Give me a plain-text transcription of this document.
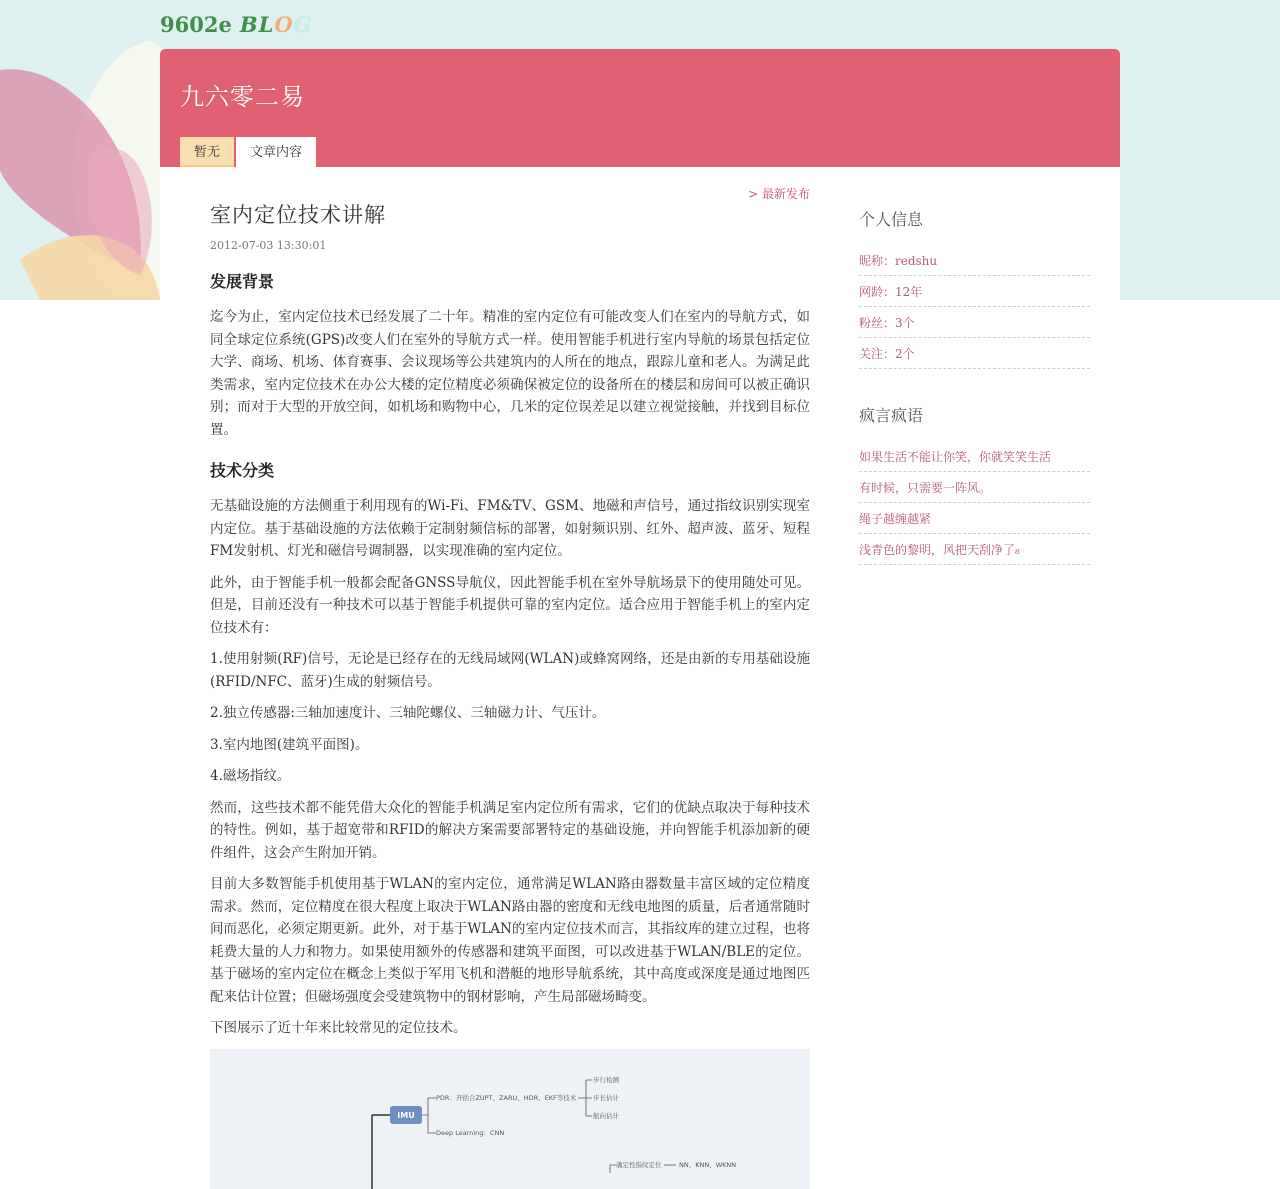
9602e BLOG
九六零二易
暂无	文章内容
> 最新发布
室内定位技术讲解
2012-07-03 13:30:01
发展背景

迄今为止，室内定位技术已经发展了二十年。精准的室内定位有可能改变人们在室内的导航方式，如同全球定位系统(GPS)改变人们在室外的导航方式一样。使用智能手机进行室内导航的场景包括定位大学、商场、机场、体育赛事、会议现场等公共建筑内的人所在的地点，跟踪儿童和老人。为满足此类需求，室内定位技术在办公大楼的定位精度必须确保被定位的设备所在的楼层和房间可以被正确识别；而对于大型的开放空间，如机场和购物中心，几米的定位误差足以建立视觉接触，并找到目标位置。

技术分类

无基础设施的方法侧重于利用现有的Wi-Fi、FM&TV、GSM、地磁和声信号，通过指纹识别实现室内定位。基于基础设施的方法依赖于定制射频信标的部署，如射频识别、红外、超声波、蓝牙、短程FM发射机、灯光和磁信号调制器，以实现准确的室内定位。

此外，由于智能手机一般都会配备GNSS导航仪，因此智能手机在室外导航场景下的使用随处可见。但是，目前还没有一种技术可以基于智能手机提供可靠的室内定位。适合应用于智能手机上的室内定位技术有：

1.使用射频(RF)信号，无论是已经存在的无线局域网(WLAN)或蜂窝网络，还是由新的专用基础设施(RFID/NFC、蓝牙)生成的射频信号。

2.独立传感器:三轴加速度计、三轴陀螺仪、三轴磁力计、气压计。

3.室内地图(建筑平面图)。

4.磁场指纹。

然而，这些技术都不能凭借大众化的智能手机满足室内定位所有需求，它们的优缺点取决于每种技术的特性。例如，基于超宽带和RFID的解决方案需要部署特定的基础设施，并向智能手机添加新的硬件组件，这会产生附加开销。

目前大多数智能手机使用基于WLAN的室内定位，通常满足WLAN路由器数量丰富区域的定位精度需求。然而，定位精度在很大程度上取决于WLAN路由器的密度和无线电地图的质量，后者通常随时间而恶化，必须定期更新。此外，对于基于WLAN的室内定位技术而言，其指纹库的建立过程，也将耗费大量的人力和物力。如果使用额外的传感器和建筑平面图，可以改进基于WLAN/BLE的定位。基于磁场的室内定位在概念上类似于军用飞机和潜艇的地形导航系统，其中高度或深度是通过地图匹配来估计位置；但磁场强度会受建筑物中的钢材影响，产生局部磁场畸变。

下图展示了近十年来比较常见的定位技术。

IMU
PDR：开括合ZUPT、ZARU、HDR、EKF等技术
Deep Learning：CNN
步行检测
步长估计
航向估计
确定性指纹定位	NN、KNN、WKNN
个人信息
昵称：redshu
网龄：12年
粉丝：3个
关注：2个
疯言疯语
如果生活不能让你笑，你就笑笑生活
有时候，只需要一阵风。
绳子越缠越紧
浅青色的黎明，风把天刮净了₈
